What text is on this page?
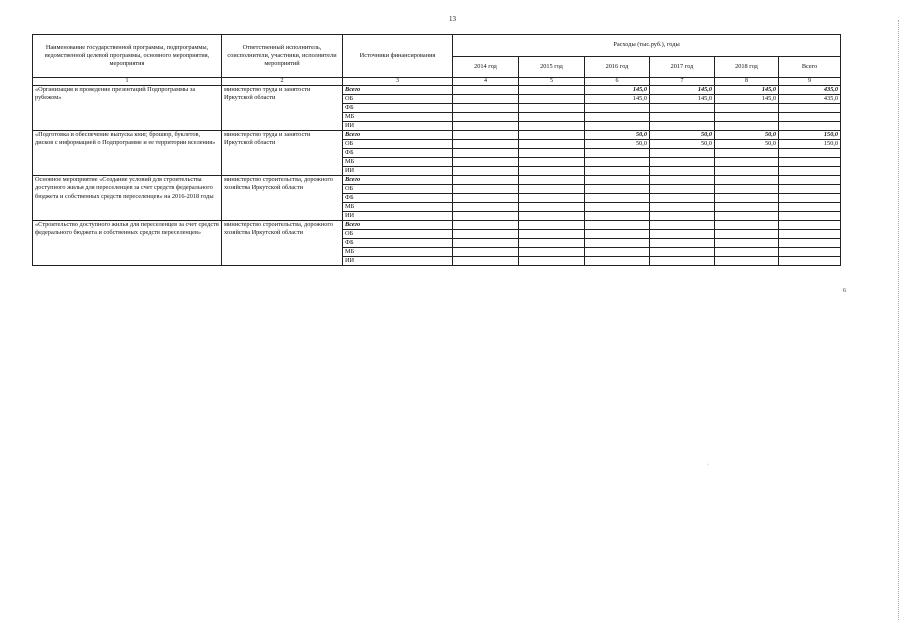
13
Наименование государственной программы, подпрограммы, ведомственной целевой программы, основного мероприятия, мероприятия	Ответственный исполнитель, соисполнители, участники, исполнители мероприятий	Источники финансирования	Расходы (тыс.руб.), годы					
			2014 год	2015 год	2016 год	2017 год	2018 год	Всего
1	2	3	4	5	6	7	8	9
«Организация и проведение презентаций Подпрограммы за рубежом»	министерство труда и занятости Иркутской области	Всего			145,0	145,0	145,0	435,0
		ОБ			145,0	145,0	145,0	435,0
		ФБ						
		МБ						
		ИИ						
«Подготовка и обеспечение выпуска книг, брошюр, буклетов, дисков с информацией о Подпрограмме и ее территории вселения»	министерство труда и занятости Иркутской области	Всего			50,0	50,0	50,0	150,0
		ОБ			50,0	50,0	50,0	150,0
		ФБ						
		МБ						
		ИИ						
Основное мероприятие «Создание условий для строительства доступного жилья для переселенцев за счет средств федерального бюджета и собственных средств переселенцев» на 2016-2018 годы	министерство строительства, дорожного хозяйства Иркутской области	Всего						
		ОБ						
		ФБ						
		МБ						
		ИИ						
«Строительство доступного жилья для переселенцев за счет средств федерального бюджета и собственных средств переселенцев»	министерство строительства, дорожного хозяйства Иркутской области	Всего						
		ОБ						
		ФБ						
		МБ						
		ИИ						
6
·
